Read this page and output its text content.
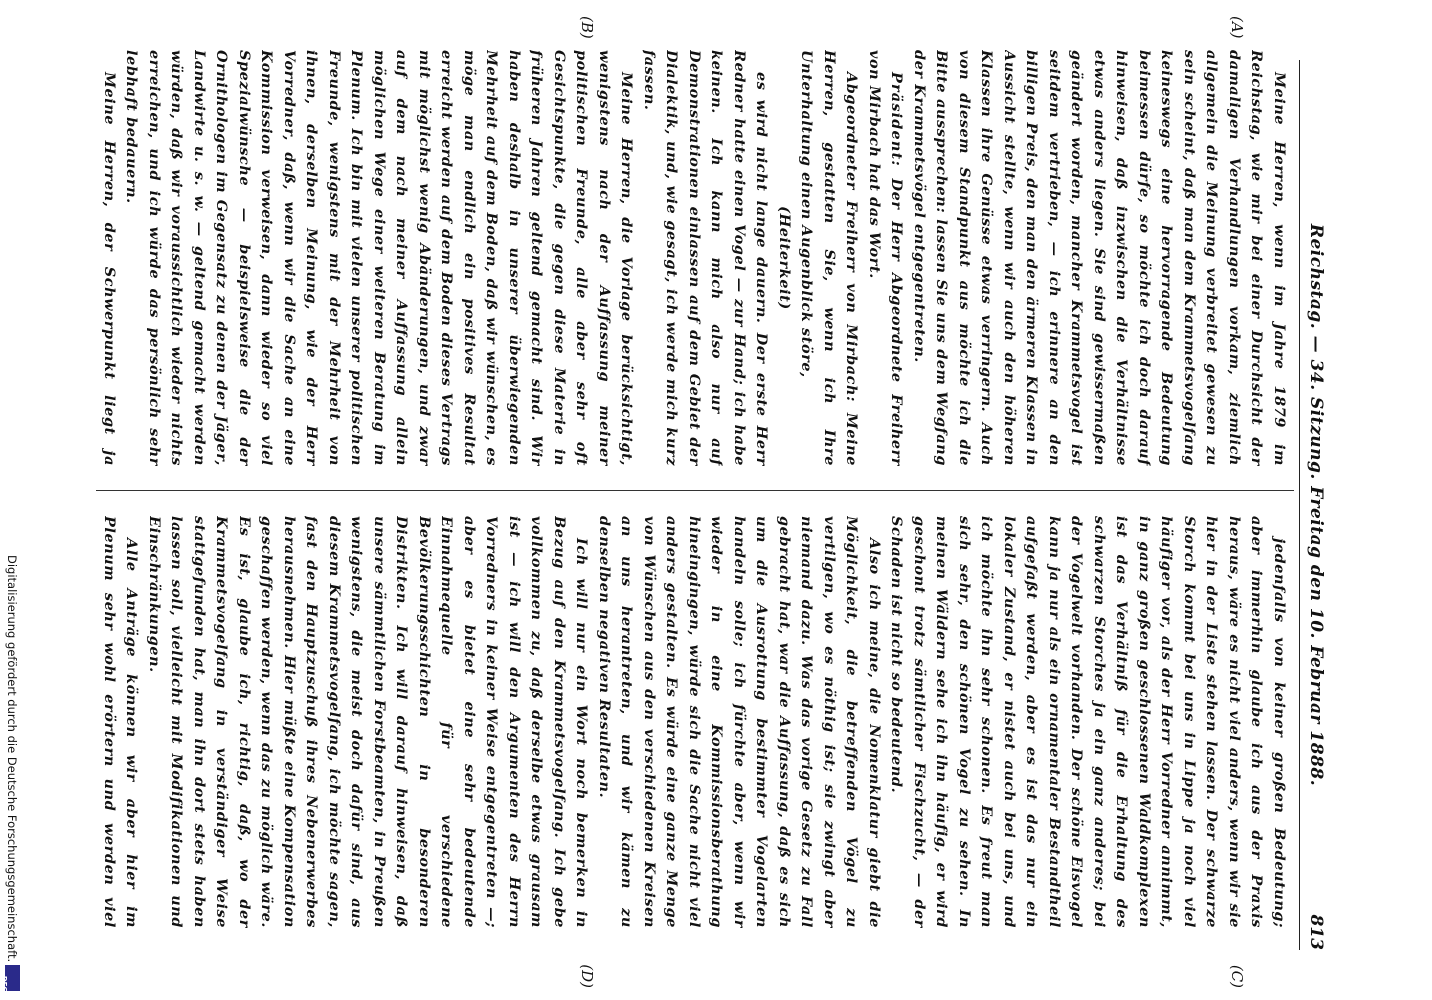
Reichstag. — 34. Sitzung. Freitag den 10. Februar 1888.
813
(A)
(B)
(C)
(D)

Meine Herren, wenn im Jahre 1879 im Reichstag, wie mir bei einer Durchsicht der damaligen Verhandlungen vorkam, ziemlich allgemein die Meinung verbreitet gewesen zu sein scheint, daß man dem Krammetsvogelfang keineswegs eine hervorragende Bedeutung beimessen dürfe, so möchte ich doch darauf hinweisen, daß inzwischen die Verhältnisse etwas anders liegen. Sie sind gewissermaßen geändert worden, mancher Krammetsvogel ist seitdem vertrieben, — ich erinnere an den billigen Preis, den man den ärmeren Klassen in Aussicht stellte, wenn wir auch den höheren Klassen ihre Genüsse etwas verringern. Auch von diesem Standpunkt aus möchte ich die Bitte aussprechen: lassen Sie uns dem Wegfang der Krammetsvögel entgegentreten.

Präsident: Der Herr Abgeordnete Freiherr von Mirbach hat das Wort.

Abgeordneter Freiherr von Mirbach: Meine Herren, gestatten Sie, wenn ich Ihre Unterhaltung einen Augenblick störe,

(Heiterkeit)

es wird nicht lange dauern. Der erste Herr Redner hatte einen Vogel — zur Hand; ich habe keinen. Ich kann mich also nur auf Demonstrationen einlassen auf dem Gebiet der Dialektik, und, wie gesagt, ich werde mich kurz fassen.

Meine Herren, die Vorlage berücksichtigt, wenigstens nach der Auffassung meiner politischen Freunde, alle aber sehr oft Gesichtspunkte, die gegen diese Materie in früheren Jahren geltend gemacht sind. Wir haben deshalb in unserer überwiegenden Mehrheit auf dem Boden, daß wir wünschen, es möge man endlich ein positives Resultat erreicht werden auf dem Boden dieses Vertrags mit möglichst wenig Abänderungen, und zwar auf dem nach meiner Auffassung allein möglichen Wege einer weiteren Beratung im Plenum. Ich bin mit vielen unserer politischen Freunde, wenigstens mit der Mehrheit von ihnen, derselben Meinung, wie der Herr Vorredner, daß, wenn wir die Sache an eine Kommission verweisen, dann wieder so viel Spezialwünsche — beispielsweise die der Ornithologen im Gegensatz zu denen der Jäger, Landwirte u. s. w. — geltend gemacht werden würden, daß wir voraussichtlich wieder nichts erreichen, und ich würde das persönlich sehr lebhaft bedauern.

Meine Herren, der Schwerpunkt liegt ja

jedenfalls von keiner großen Bedeutung; aber immerhin glaube ich aus der Praxis heraus, wäre es nicht viel anders, wenn wir sie hier in der Liste stehen lassen. Der schwarze Storch kommt bei uns in Lippe ja noch viel häufiger vor, als der Herr Vorredner annimmt, in ganz großen geschlossenen Waldkomplexen ist das Verhältniß für die Erhaltung des schwarzen Storches ja ein ganz anderes; bei der Vogelwelt vorhanden. Der schöne Eisvogel kann ja nur als ein ornamentaler Bestandtheil aufgefaßt werden, aber es ist das nur ein lokaler Zustand, er nistet auch bei uns, und ich möchte ihn sehr schonen. Es freut man sich sehr, den schönen Vogel zu sehen. In meinen Wäldern sehe ich ihn häufig, er wird geschont trotz sämtlicher Fischzucht, — der Schaden ist nicht so bedeutend.

Also ich meine, die Nomenklatur giebt die Möglichkeit, die betreffenden Vögel zu vertilgen, wo es nöthig ist; sie zwingt aber niemand dazu. Was das vorige Gesetz zu Fall gebracht hat, war die Auffassung, daß es sich um die Ausrottung bestimmter Vogelarten handeln solle; ich fürchte aber, wenn wir wieder in eine Kommissionsberathung hineingingen, würde sich die Sache nicht viel anders gestalten. Es würde eine ganze Menge von Wünschen aus den verschiedenen Kreisen an uns herantreten, und wir kämen zu denselben negativen Resultaten.

Ich will nur ein Wort noch bemerken in Bezug auf den Krammetsvogelfang. Ich gebe vollkommen zu, daß derselbe etwas grausam ist — ich will den Argumenten des Herrn Vorredners in keiner Weise entgegentreten —; aber es bietet eine sehr bedeutende Einnahmequelle für verschiedene Bevölkerungsschichten in besonderen Distrikten. Ich will darauf hinweisen, daß unsere sämmtlichen Forstbeamten, in Preußen wenigstens, die meist doch dafür sind, aus diesem Krammetsvogelfang, ich möchte sagen, fast den Hauptzuschuß ihres Nebenerwerbes herausnehmen. Hier müßte eine Kompensation geschaffen werden, wenn das zu möglich wäre. Es ist, glaube ich, richtig, daß, wo der Krammetsvogelfang in verständiger Weise stattgefunden hat, man ihn dort stets haben lassen soll, vielleicht mit Modifikationen und Einschränkungen.

Alle Anträge können wir aber hier im Plenum sehr wohl erörtern und werden viel

Digitalisierung gefördert durch die Deutsche Forschungsgemeinschaft.
DFG
